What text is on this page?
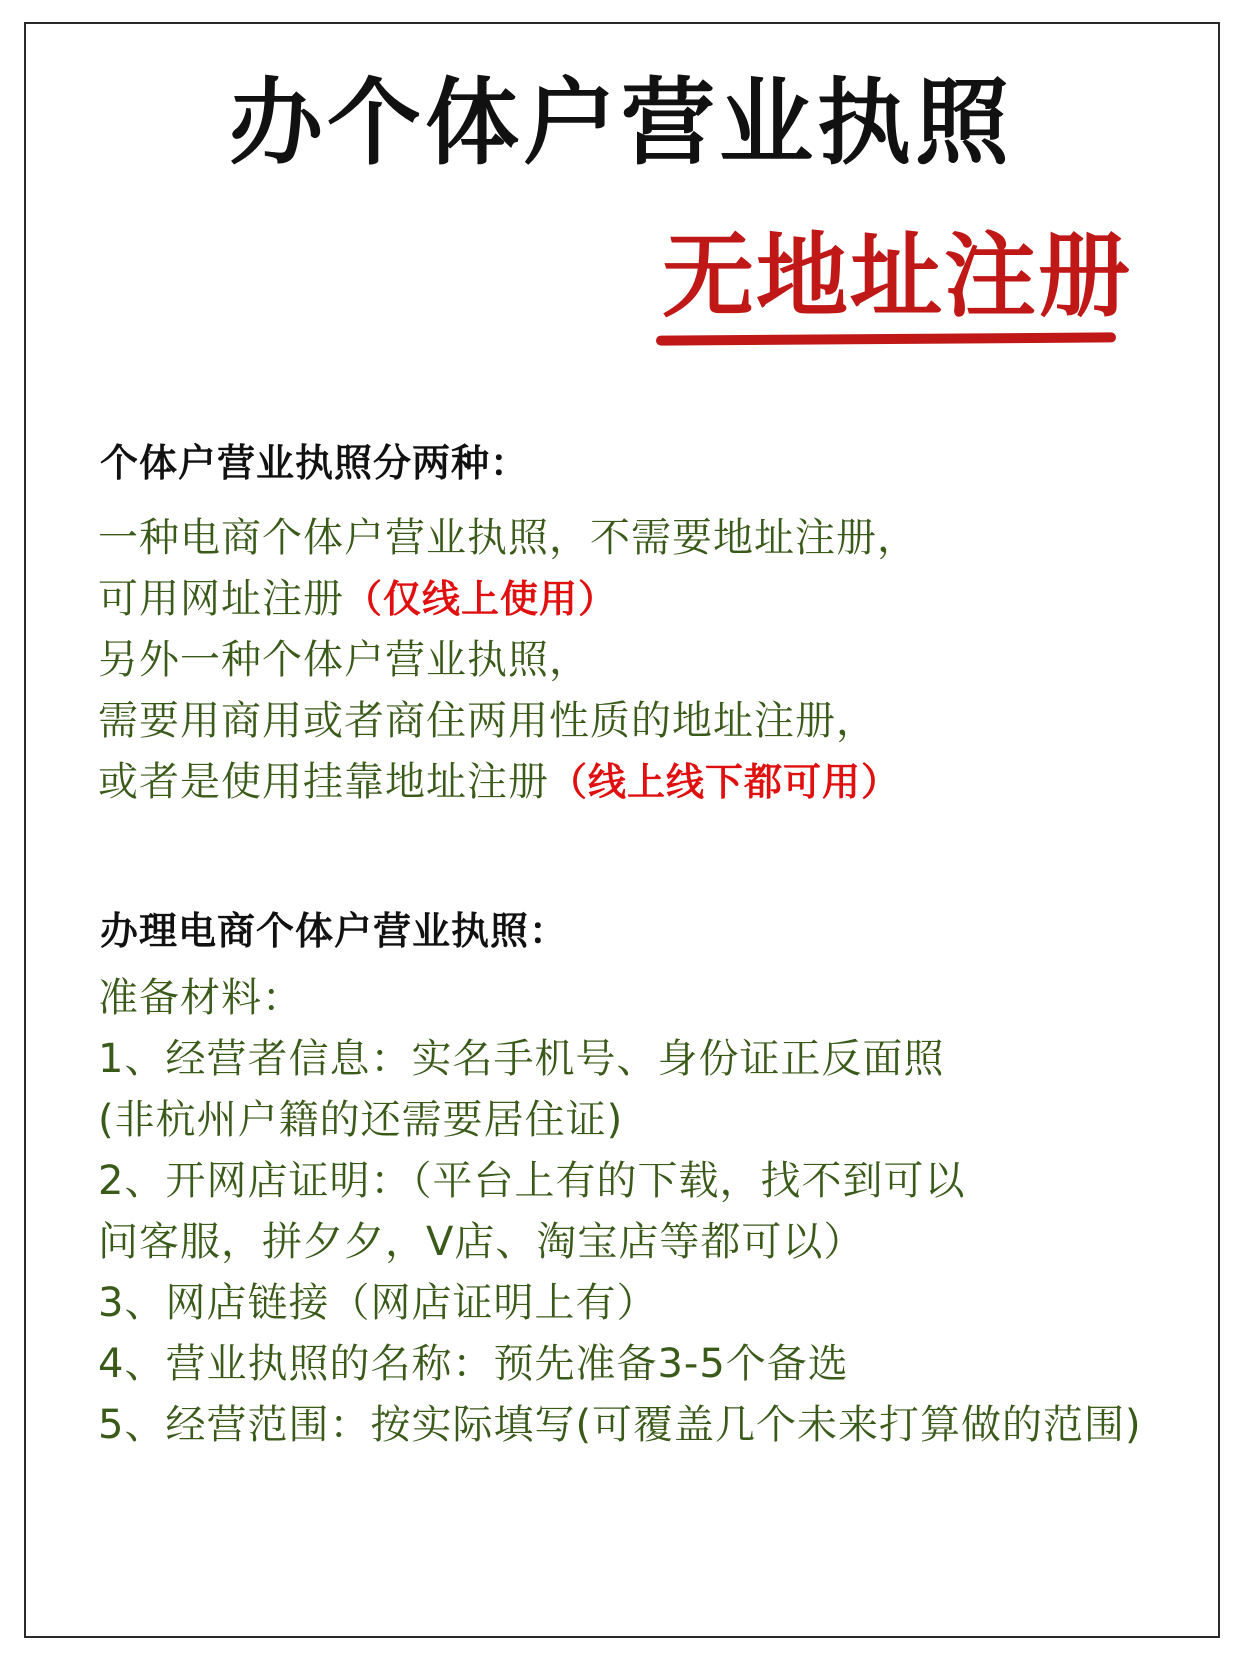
办个体户营业执照
无地址注册
个体户营业执照分两种：
一种电商个体户营业执照，不需要地址注册，
可用网址注册（仅线上使用）
另外一种个体户营业执照，
需要用商用或者商住两用性质的地址注册，
或者是使用挂靠地址注册（线上线下都可用）
办理电商个体户营业执照：
准备材料：
1、经营者信息：实名手机号、身份证正反面照
(非杭州户籍的还需要居住证)
2、开网店证明：（平台上有的下载，找不到可以
问客服，拼夕夕，V店、淘宝店等都可以）
3、网店链接（网店证明上有）
4、营业执照的名称：预先准备3-5个备选
5、经营范围：按实际填写(可覆盖几个未来打算做的范围)
